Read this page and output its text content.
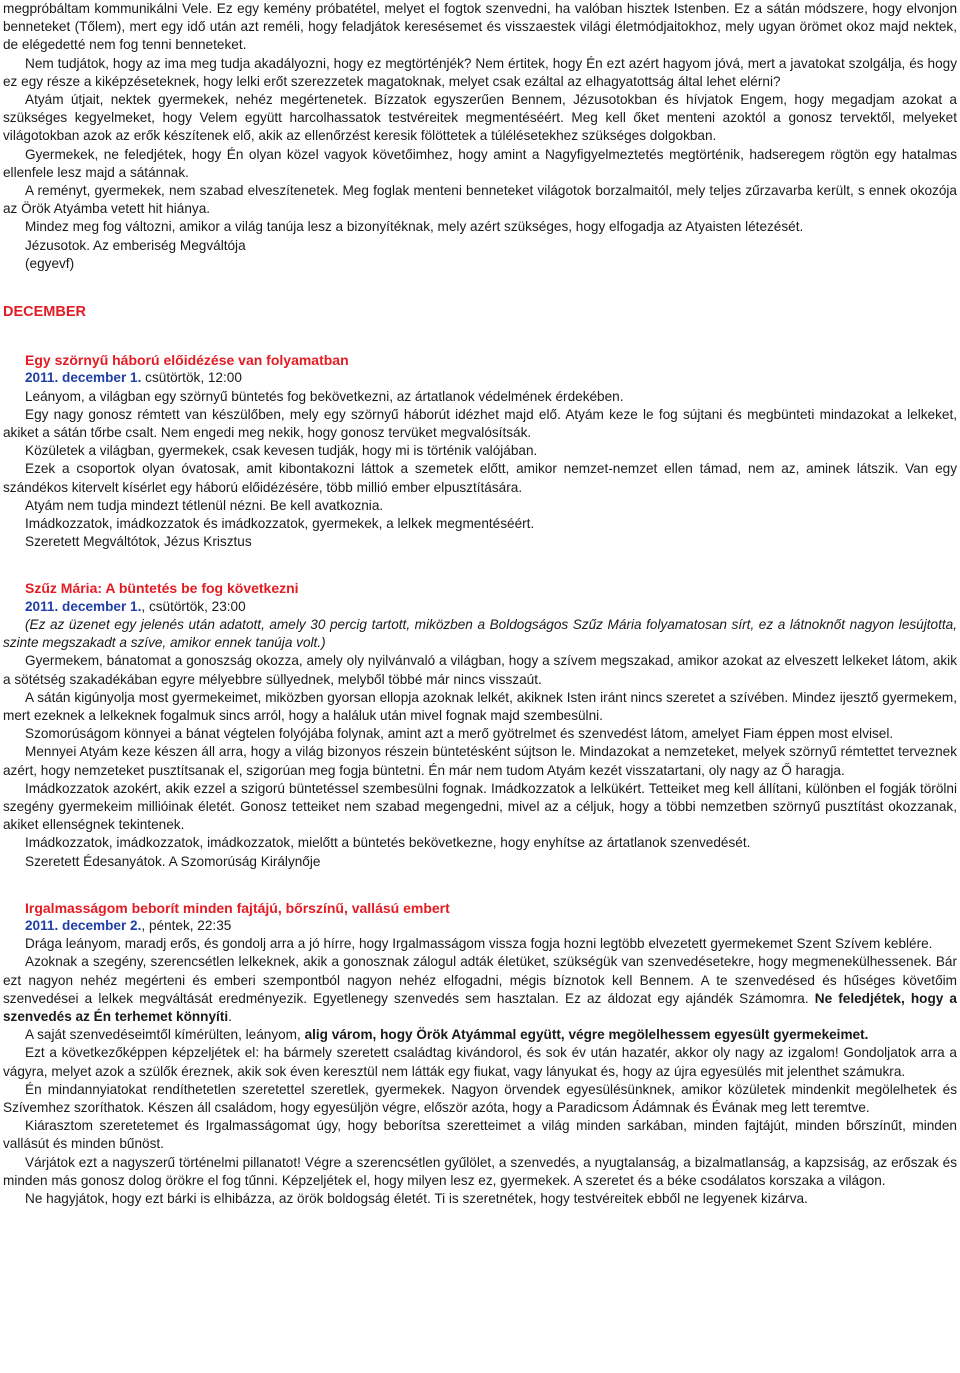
megpróbáltam kommunikálni Vele. Ez egy kemény próbatétel, melyet el fogtok szenvedni, ha valóban hisztek Istenben. Ez a sátán módszere, hogy elvonjon benneteket (Tőlem), mert egy idő után azt reméli, hogy feladjátok keresésemet és visszaestek világi életmódjaitokhoz, mely ugyan örömet okoz majd nektek, de elégedetté nem fog tenni benneteket.

Nem tudjátok, hogy az ima meg tudja akadályozni, hogy ez megtörténjék? Nem értitek, hogy Én ezt azért hagyom jóvá, mert a javatokat szolgálja, és hogy ez egy része a kiképzéseteknek, hogy lelki erőt szerezzetek magatoknak, melyet csak ezáltal az elhagyatottság által lehet elérni?

Atyám útjait, nektek gyermekek, nehéz megértenetek. Bízzatok egyszerűen Bennem, Jézusotokban és hívjatok Engem, hogy megadjam azokat a szükséges kegyelmeket, hogy Velem együtt harcolhassatok testvéreitek megmentéséért. Meg kell őket menteni azoktól a gonosz tervektől, melyeket világotokban azok az erők készítenek elő, akik az ellenőrzést keresik fölöttetek a túlélésetekhez szükséges dolgokban.

Gyermekek, ne feledjétek, hogy Én olyan közel vagyok követőimhez, hogy amint a Nagyfigyelmeztetés megtörténik, hadseregem rögtön egy hatalmas ellenfele lesz majd a sátánnak.

A reményt, gyermekek, nem szabad elveszítenetek. Meg foglak menteni benneteket világotok borzalmaitól, mely teljes zűrzavarba került, s ennek okozója az Örök Atyámba vetett hit hiánya.

Mindez meg fog változni, amikor a világ tanúja lesz a bizonyítéknak, mely azért szükséges, hogy elfogadja az Atyaisten létezését.

Jézusotok. Az emberiség Megváltója

(egyevf)

DECEMBER

Egy szörnyű háború előidézése van folyamatban

2011. december 1. csütörtök, 12:00

Leányom, a világban egy szörnyű büntetés fog bekövetkezni, az ártatlanok védelmének érdekében.

Egy nagy gonosz rémtett van készülőben, mely egy szörnyű háborút idézhet majd elő. Atyám keze le fog sújtani és megbünteti mindazokat a lelkeket, akiket a sátán tőrbe csalt. Nem engedi meg nekik, hogy gonosz tervüket megvalósítsák.

Közületek a világban, gyermekek, csak kevesen tudják, hogy mi is történik valójában.

Ezek a csoportok olyan óvatosak, amit kibontakozni láttok a szemetek előtt, amikor nemzet-nemzet ellen támad, nem az, aminek látszik. Van egy szándékos kitervelt kísérlet egy háború előidézésére, több millió ember elpusztítására.

Atyám nem tudja mindezt tétlenül nézni. Be kell avatkoznia.

Imádkozzatok, imádkozzatok és imádkozzatok, gyermekek, a lelkek megmentéséért.

Szeretett Megváltótok, Jézus Krisztus

Szűz Mária: A büntetés be fog következni

2011. december 1., csütörtök, 23:00

(Ez az üzenet egy jelenés után adatott, amely 30 percig tartott, miközben a Boldogságos Szűz Mária folyamatosan sírt, ez a látnoknőt nagyon lesújtotta, szinte megszakadt a szíve, amikor ennek tanúja volt.)

Gyermekem, bánatomat a gonoszság okozza, amely oly nyilvánvaló a világban, hogy a szívem megszakad, amikor azokat az elveszett lelkeket látom, akik a sötétség szakadékában egyre mélyebbre süllyednek, melyből többé már nincs visszaút.

A sátán kigúnyolja most gyermekeimet, miközben gyorsan ellopja azoknak lelkét, akiknek Isten iránt nincs szeretet a szívében. Mindez ijesztő gyermekem, mert ezeknek a lelkeknek fogalmuk sincs arról, hogy a haláluk után mivel fognak majd szembesülni.

Szomorúságom könnyei a bánat végtelen folyójába folynak, amint azt a merő gyötrelmet és szenvedést látom, amelyet Fiam éppen most elvisel.

Mennyei Atyám keze készen áll arra, hogy a világ bizonyos részein büntetésként sújtson le. Mindazokat a nemzeteket, melyek szörnyű rémtettet terveznek azért, hogy nemzeteket pusztítsanak el, szigorúan meg fogja büntetni. Én már nem tudom Atyám kezét visszatartani, oly nagy az Ő haragja.

Imádkozzatok azokért, akik ezzel a szigorú büntetéssel szembesülni fognak. Imádkozzatok a lelkükért. Tetteiket meg kell állítani, különben el fogják törölni szegény gyermekeim millióinak életét. Gonosz tetteiket nem szabad megengedni, mivel az a céljuk, hogy a többi nemzetben szörnyű pusztítást okozzanak, akiket ellenségnek tekintenek.

Imádkozzatok, imádkozzatok, imádkozzatok, mielőtt a büntetés bekövetkezne, hogy enyhítse az ártatlanok szenvedését.

Szeretett Édesanyátok. A Szomorúság Királynője

Irgalmasságom beborít minden fajtájú, bőrszínű, vallású embert

2011. december 2., péntek, 22:35

Drága leányom, maradj erős, és gondolj arra a jó hírre, hogy Irgalmasságom vissza fogja hozni legtöbb elvezetett gyermekemet Szent Szívem keblére.

Azoknak a szegény, szerencsétlen lelkeknek, akik a gonosznak zálogul adták életüket, szükségük van szenvedésetekre, hogy megmenekülhessenek. Bár ezt nagyon nehéz megérteni és emberi szempontból nagyon nehéz elfogadni, mégis bíznotok kell Bennem. A te szenvedésed és hűséges követőim szenvedései a lelkek megváltását eredményezik. Egyetlenegy szenvedés sem hasztalan. Ez az áldozat egy ajándék Számomra. Ne feledjétek, hogy a szenvedés az Én terhemet könnyíti.

A saját szenvedéseimtől kímérülten, leányom, alig várom, hogy Örök Atyámmal együtt, végre megölelhessem egyesült gyermekeimet.

Ezt a következőképpen képzeljétek el: ha bármely szeretett családtag kivándorol, és sok év után hazatér, akkor oly nagy az izgalom! Gondoljatok arra a vágyra, melyet azok a szülők éreznek, akik sok éven keresztül nem látták egy fiukat, vagy lányukat és, hogy az újra egyesülés mit jelenthet számukra.

Én mindannyiatokat rendíthetetlen szeretettel szeretlek, gyermekek. Nagyon örvendek egyesülésünknek, amikor közületek mindenkit megölelhetek és Szívemhez szoríthatok. Készen áll családom, hogy egyesüljön végre, először azóta, hogy a Paradicsom Ádámnak és Évának meg lett teremtve.

Kiárasztom szeretetemet és Irgalmasságomat úgy, hogy beborítsa szeretteimet a világ minden sarkában, minden fajtájút, minden bőrszínűt, minden vallásút és minden bűnöst.

Várjátok ezt a nagyszerű történelmi pillanatot! Végre a szerencsétlen gyűlölet, a szenvedés, a nyugtalanság, a bizalmatlanság, a kapzsiság, az erőszak és minden más gonosz dolog örökre el fog tűnni. Képzeljétek el, hogy milyen lesz ez, gyermekek. A szeretet és a béke csodálatos korszaka a világon.

Ne hagyjátok, hogy ezt bárki is elhibázza, az örök boldogság életét. Ti is szeretnétek, hogy testvéreitek ebből ne legyenek kizárva.
